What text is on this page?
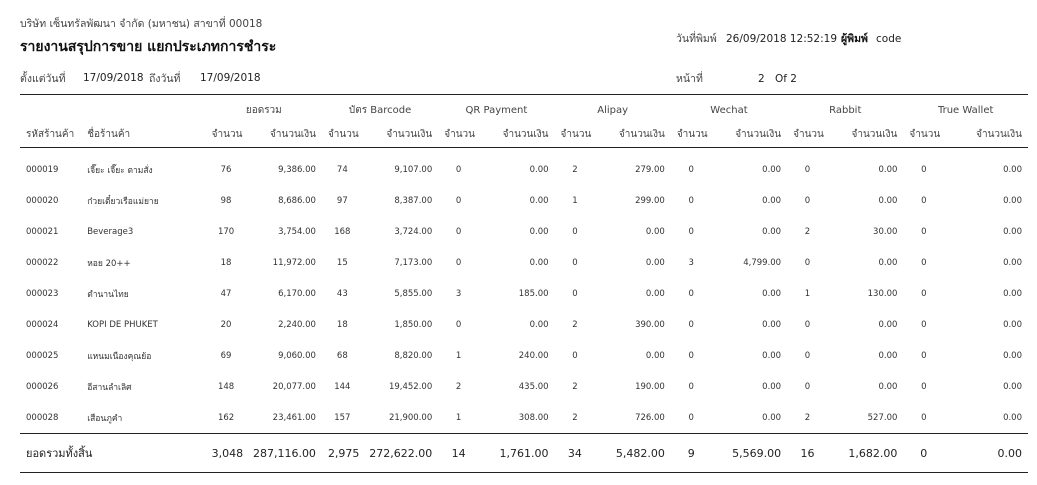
บริษัท เซ็นทรัลพัฒนา จำกัด (มหาชน) สาขาที่ 00018
รายงานสรุปการขาย แยกประเภทการชำระ
ตั้งแต่วันที่ 17/09/2018 ถึงวันที่ 17/09/2018
วันที่พิมพ์ 26/09/2018 12:52:19 ผู้พิมพ์ code
หน้าที่	2 Of 2
		ยอดรวม		บัตร Barcode		QR Payment		Alipay		Wechat		Rabbit		True Wallet	
รหัสร้านค้า	ชื่อร้านค้า	จำนวน	จำนวนเงิน	จำนวน	จำนวนเงิน	จำนวน	จำนวนเงิน	จำนวน	จำนวนเงิน	จำนวน	จำนวนเงิน	จำนวน	จำนวนเงิน	จำนวน	จำนวนเงิน
000019	เจี๊ยะ เจี๊ยะ ตามสั่ง	76	9,386.00	74	9,107.00	0	0.00	2	279.00	0	0.00	0	0.00	0	0.00
000020	ก๋วยเตี๋ยวเรือแม่ยาย	98	8,686.00	97	8,387.00	0	0.00	1	299.00	0	0.00	0	0.00	0	0.00
000021	Beverage3	170	3,754.00	168	3,724.00	0	0.00	0	0.00	0	0.00	2	30.00	0	0.00
000022	หอย 20++	18	11,972.00	15	7,173.00	0	0.00	0	0.00	3	4,799.00	0	0.00	0	0.00
000023	ตำนานไทย	47	6,170.00	43	5,855.00	3	185.00	0	0.00	0	0.00	1	130.00	0	0.00
000024	KOPI DE PHUKET	20	2,240.00	18	1,850.00	0	0.00	2	390.00	0	0.00	0	0.00	0	0.00
000025	แหนมเนืองคุณย้อ	69	9,060.00	68	8,820.00	1	240.00	0	0.00	0	0.00	0	0.00	0	0.00
000026	อีสานลำเลิศ	148	20,077.00	144	19,452.00	2	435.00	2	190.00	0	0.00	0	0.00	0	0.00
000028	เสือนภูคำ	162	23,461.00	157	21,900.00	1	308.00	2	726.00	0	0.00	2	527.00	0	0.00
ยอดรวมทั้งสิ้น		3,048	287,116.00	2,975	272,622.00	14	1,761.00	34	5,482.00	9	5,569.00	16	1,682.00	0	0.00
